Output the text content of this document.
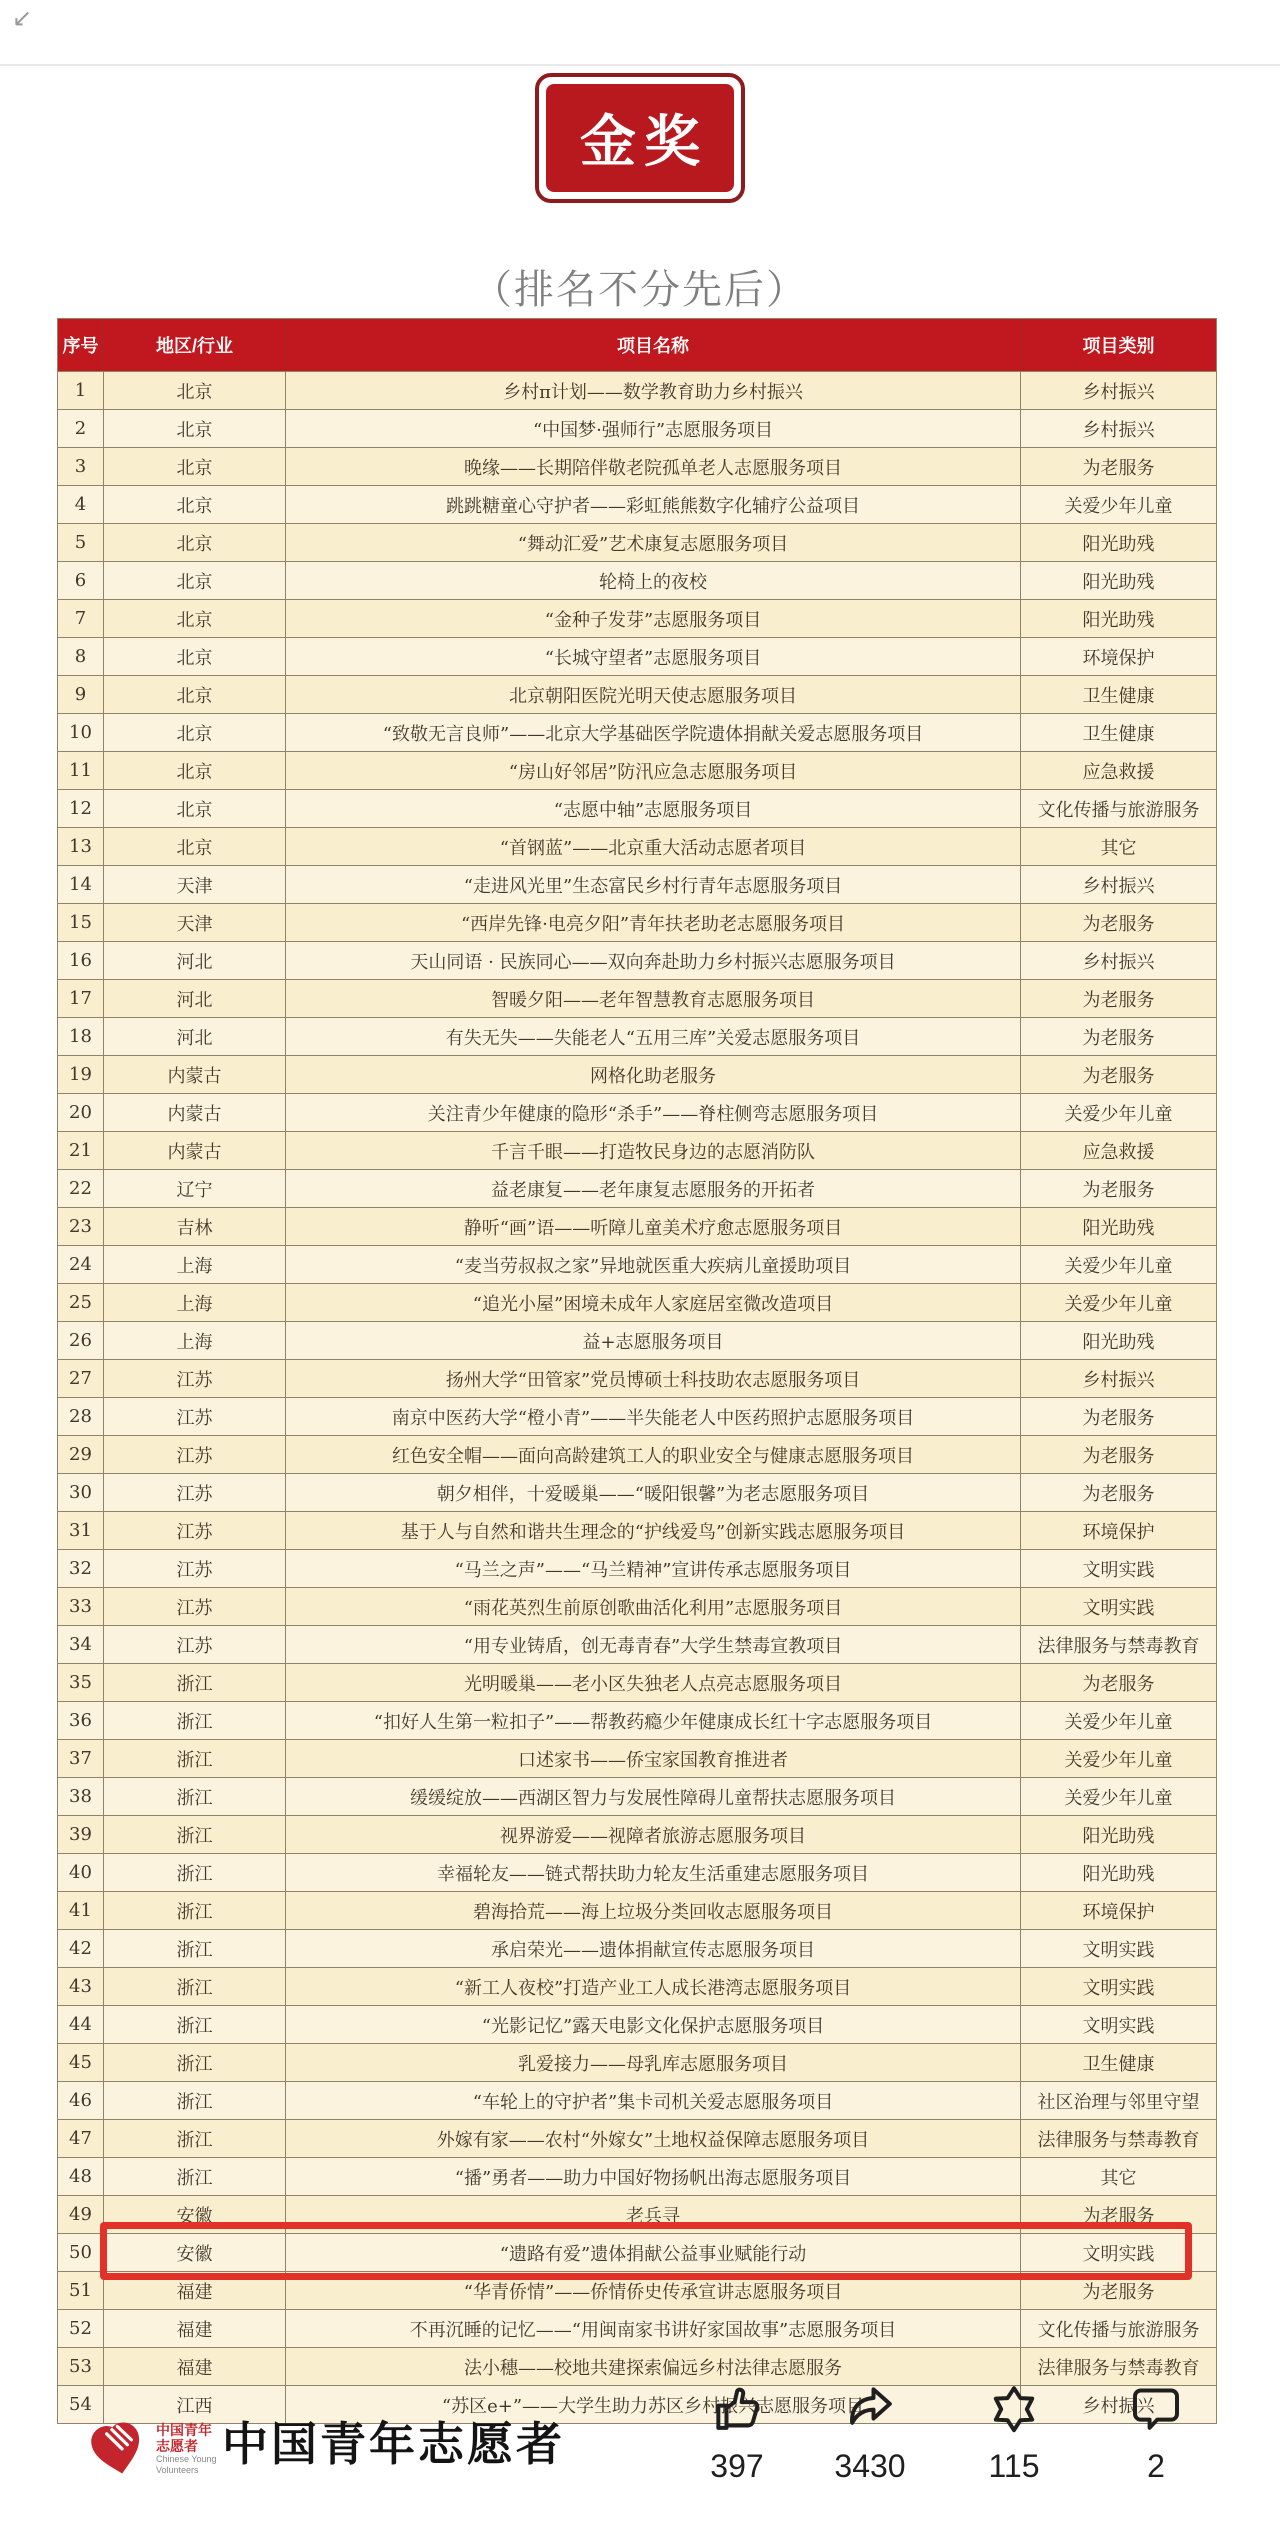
↙
金奖
（排名不分先后）
序号	地区/行业	项目名称	项目类别
1	北京	乡村π计划——数学教育助力乡村振兴	乡村振兴
2	北京	“中国梦·强师行”志愿服务项目	乡村振兴
3	北京	晚缘——长期陪伴敬老院孤单老人志愿服务项目	为老服务
4	北京	跳跳糖童心守护者——彩虹熊熊数字化辅疗公益项目	关爱少年儿童
5	北京	“舞动汇爱”艺术康复志愿服务项目	阳光助残
6	北京	轮椅上的夜校	阳光助残
7	北京	“金种子发芽”志愿服务项目	阳光助残
8	北京	“长城守望者”志愿服务项目	环境保护
9	北京	北京朝阳医院光明天使志愿服务项目	卫生健康
10	北京	“致敬无言良师”——北京大学基础医学院遗体捐献关爱志愿服务项目	卫生健康
11	北京	“房山好邻居”防汛应急志愿服务项目	应急救援
12	北京	“志愿中轴”志愿服务项目	文化传播与旅游服务
13	北京	“首钢蓝”——北京重大活动志愿者项目	其它
14	天津	“走进风光里”生态富民乡村行青年志愿服务项目	乡村振兴
15	天津	“西岸先锋·电亮夕阳”青年扶老助老志愿服务项目	为老服务
16	河北	天山同语 · 民族同心——双向奔赴助力乡村振兴志愿服务项目	乡村振兴
17	河北	智暖夕阳——老年智慧教育志愿服务项目	为老服务
18	河北	有失无失——失能老人“五用三库”关爱志愿服务项目	为老服务
19	内蒙古	网格化助老服务	为老服务
20	内蒙古	关注青少年健康的隐形“杀手”——脊柱侧弯志愿服务项目	关爱少年儿童
21	内蒙古	千言千眼——打造牧民身边的志愿消防队	应急救援
22	辽宁	益老康复——老年康复志愿服务的开拓者	为老服务
23	吉林	静听“画”语——听障儿童美术疗愈志愿服务项目	阳光助残
24	上海	“麦当劳叔叔之家”异地就医重大疾病儿童援助项目	关爱少年儿童
25	上海	“追光小屋”困境未成年人家庭居室微改造项目	关爱少年儿童
26	上海	益+志愿服务项目	阳光助残
27	江苏	扬州大学“田管家”党员博硕士科技助农志愿服务项目	乡村振兴
28	江苏	南京中医药大学“橙小青”——半失能老人中医药照护志愿服务项目	为老服务
29	江苏	红色安全帽——面向高龄建筑工人的职业安全与健康志愿服务项目	为老服务
30	江苏	朝夕相伴，十爱暖巢——“暖阳银馨”为老志愿服务项目	为老服务
31	江苏	基于人与自然和谐共生理念的“护线爱鸟”创新实践志愿服务项目	环境保护
32	江苏	“马兰之声”——“马兰精神”宣讲传承志愿服务项目	文明实践
33	江苏	“雨花英烈生前原创歌曲活化利用”志愿服务项目	文明实践
34	江苏	“用专业铸盾，创无毒青春”大学生禁毒宣教项目	法律服务与禁毒教育
35	浙江	光明暖巢——老小区失独老人点亮志愿服务项目	为老服务
36	浙江	“扣好人生第一粒扣子”——帮教药瘾少年健康成长红十字志愿服务项目	关爱少年儿童
37	浙江	口述家书——侨宝家国教育推进者	关爱少年儿童
38	浙江	缓缓绽放——西湖区智力与发展性障碍儿童帮扶志愿服务项目	关爱少年儿童
39	浙江	视界游爱——视障者旅游志愿服务项目	阳光助残
40	浙江	幸福轮友——链式帮扶助力轮友生活重建志愿服务项目	阳光助残
41	浙江	碧海拾荒——海上垃圾分类回收志愿服务项目	环境保护
42	浙江	承启荣光——遗体捐献宣传志愿服务项目	文明实践
43	浙江	“新工人夜校”打造产业工人成长港湾志愿服务项目	文明实践
44	浙江	“光影记忆”露天电影文化保护志愿服务项目	文明实践
45	浙江	乳爱接力——母乳库志愿服务项目	卫生健康
46	浙江	“车轮上的守护者”集卡司机关爱志愿服务项目	社区治理与邻里守望
47	浙江	外嫁有家——农村“外嫁女”土地权益保障志愿服务项目	法律服务与禁毒教育
48	浙江	“播”勇者——助力中国好物扬帆出海志愿服务项目	其它
49	安徽	老兵寻	为老服务
50	安徽	“遗路有爱”遗体捐献公益事业赋能行动	文明实践
51	福建	“华青侨情”——侨情侨史传承宣讲志愿服务项目	为老服务
52	福建	不再沉睡的记忆——“用闽南家书讲好家国故事”志愿服务项目	文化传播与旅游服务
53	福建	法小穗——校地共建探索偏远乡村法律志愿服务	法律服务与禁毒教育
54	江西	“苏区e+”——大学生助力苏区乡村振兴志愿服务项目	乡村振兴
中国青年
志愿者
Chinese Young
Volunteers 中国青年志愿者	397	3430	115	2
